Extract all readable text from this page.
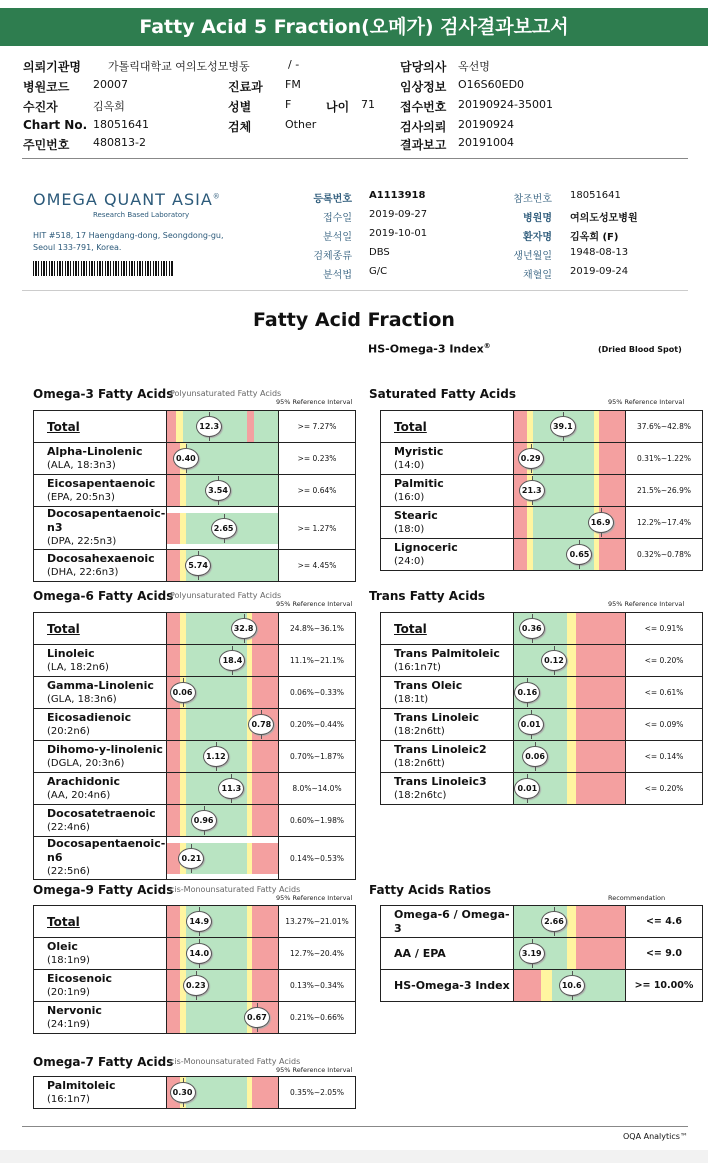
Fatty Acid 5 Fraction(오메가) 검사결과보고서
의뢰기관명 가톨릭대학교 여의도성모병동	/ -	담당의사 옥선명
병원코드 20007	진료과 FM	임상정보 O16S60ED0
수진자	김옥희	성별	F	나이 71 접수번호 20190924-35001
Chart No. 18051641	검체	Other	검사의뢰 20190924
주민번호 480813-2	결과보고 20191004
OMEGA QUANT ASIA®
Research Based Laboratory
HIT #518, 17 Haengdang-dong, Seongdong-gu,
Seoul 133-791, Korea.
등록번호 A1113918	참조번호 18051641
접수일 2019-09-27	병원명 여의도성모병원
분석일 2019-10-01	환자명 김옥희 (F)
검체종류 DBS	생년월일 1948-08-13
분석법 G/C	채혈일 2019-09-24
Fatty Acid Fraction
HS-Omega-3 Index®	(Dried Blood Spot)
Omega-3 Fatty Acids
Polyunsaturated Fatty Acids
95% Reference Interval
Total	12.3	>= 7.27%

Alpha-Linolenic
(ALA, 18:3n3)	0.40	>= 0.23%

Eicosapentaenoic
(EPA, 20:5n3)	3.54	>= 0.64%

Docosapentaenoic-n3
(DPA, 22:5n3)	2.65	>= 1.27%

Docosahexaenoic
(DHA, 22:6n3)	5.74	>= 4.45%
Saturated Fatty Acids
95% Reference Interval
Total	39.1	37.6%~42.8%

Myristic
(14:0)	0.29	0.31%~1.22%

Palmitic
(16:0)	21.3	21.5%~26.9%

Stearic
(18:0)	16.9	12.2%~17.4%

Lignoceric
(24:0)	0.65	0.32%~0.78%
Omega-6 Fatty Acids
Polyunsaturated Fatty Acids
95% Reference Interval
Total	32.8	24.8%~36.1%

Linoleic
(LA, 18:2n6)	18.4	11.1%~21.1%

Gamma-Linolenic
(GLA, 18:3n6)	0.06	0.06%~0.33%

Eicosadienoic
(20:2n6)	0.78	0.20%~0.44%

Dihomo-y-linolenic
(DGLA, 20:3n6)	1.12	0.70%~1.87%

Arachidonic
(AA, 20:4n6)	11.3	8.0%~14.0%

Docosatetraenoic
(22:4n6)	0.96	0.60%~1.98%

Docosapentaenoic-n6
(22:5n6)	0.21	0.14%~0.53%
Trans Fatty Acids
95% Reference Interval
Total	0.36	<= 0.91%

Trans Palmitoleic
(16:1n7t)	0.12	<= 0.20%

Trans Oleic
(18:1t)	0.16	<= 0.61%

Trans Linoleic
(18:2n6tt)	0.01	<= 0.09%

Trans Linoleic2
(18:2n6tt)	0.06	<= 0.14%

Trans Linoleic3
(18:2n6tc)	0.01	<= 0.20%
Omega-9 Fatty Acids
cis-Monounsaturated Fatty Acids
95% Reference Interval
Total	14.9	13.27%~21.01%

Oleic
(18:1n9)	14.0	12.7%~20.4%

Eicosenoic
(20:1n9)	0.23	0.13%~0.34%

Nervonic
(24:1n9)	0.67	0.21%~0.66%
Fatty Acids Ratios
Recommendation
Omega-6 / Omega-3	2.66	<= 4.6

AA / EPA	3.19	<= 9.0

HS-Omega-3 Index	10.6	>= 10.00%
Omega-7 Fatty Acids
cis-Monounsaturated Fatty Acids
95% Reference Interval
Palmitoleic
(16:1n7)

0.30	0.35%~2.05%
OQA Analytics™
